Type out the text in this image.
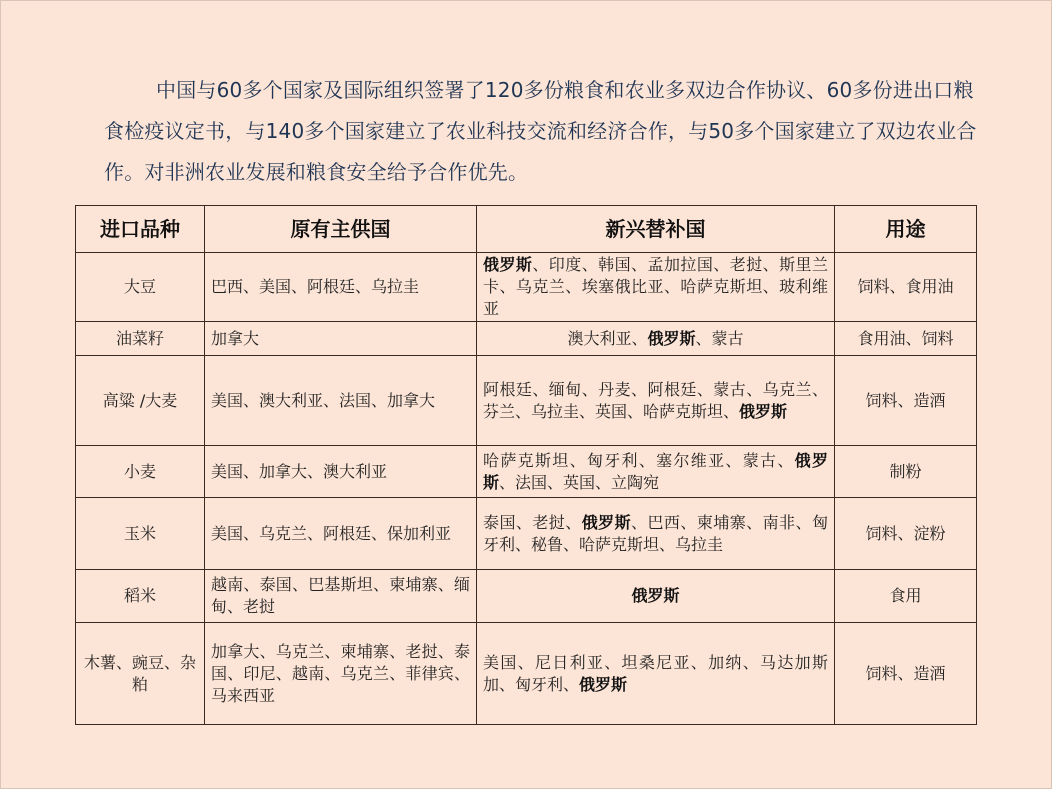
中国与60多个国家及国际组织签署了120多份粮食和农业多双边合作协议、60多份进出口粮食检疫议定书，与140多个国家建立了农业科技交流和经济合作，与50多个国家建立了双边农业合作。对非洲农业发展和粮食安全给予合作优先。

进口品种	原有主供国	新兴替补国	用途
大豆	巴西、美国、阿根廷、乌拉圭	俄罗斯、印度、韩国、孟加拉国、老挝、斯里兰卡、乌克兰、埃塞俄比亚、哈萨克斯坦、玻利维亚	饲料、食用油
油菜籽	加拿大	澳大利亚、俄罗斯、蒙古	食用油、饲料
高粱 /大麦	美国、澳大利亚、法国、加拿大	阿根廷、缅甸、丹麦、阿根廷、蒙古、乌克兰、芬兰、乌拉圭、英国、哈萨克斯坦、俄罗斯	饲料、造酒
小麦	美国、加拿大、澳大利亚	哈萨克斯坦、匈牙利、塞尔维亚、蒙古、俄罗斯、法国、英国、立陶宛	制粉
玉米	美国、乌克兰、阿根廷、保加利亚	泰国、老挝、俄罗斯、巴西、柬埔寨、南非、匈牙利、秘鲁、哈萨克斯坦、乌拉圭	饲料、淀粉
稻米	越南、泰国、巴基斯坦、柬埔寨、缅甸、老挝	俄罗斯	食用
木薯、豌豆、杂粕	加拿大、乌克兰、柬埔寨、老挝、泰国、印尼、越南、乌克兰、菲律宾、马来西亚	美国、尼日利亚、坦桑尼亚、加纳、马达加斯加、匈牙利、俄罗斯	饲料、造酒
